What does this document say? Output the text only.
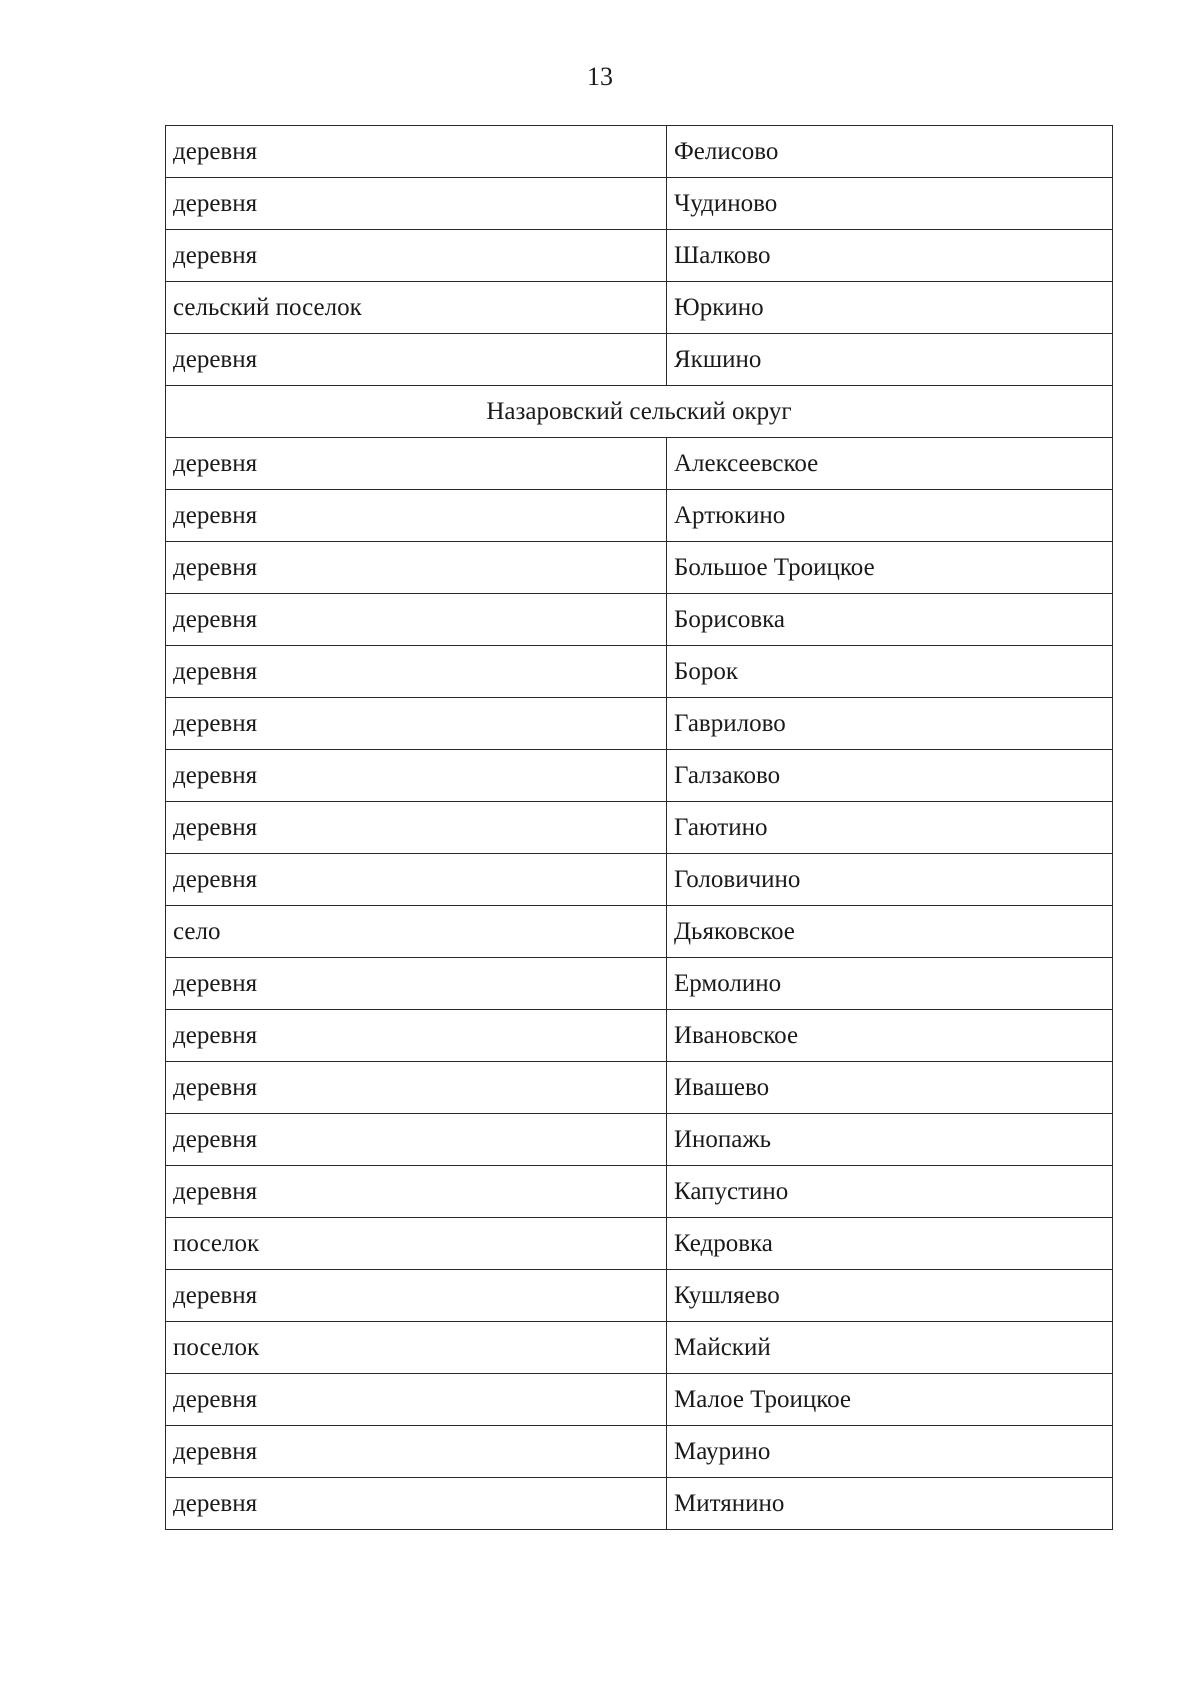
13
деревня	Фелисово
деревня	Чудиново
деревня	Шалково
сельский поселок	Юркино
деревня	Якшино
Назаровский сельский округ	
деревня	Алексеевское
деревня	Артюкино
деревня	Большое Троицкое
деревня	Борисовка
деревня	Борок
деревня	Гаврилово
деревня	Галзаково
деревня	Гаютино
деревня	Головичино
село	Дьяковское
деревня	Ермолино
деревня	Ивановское
деревня	Ивашево
деревня	Инопажь
деревня	Капустино
поселок	Кедровка
деревня	Кушляево
поселок	Майский
деревня	Малое Троицкое
деревня	Маурино
деревня	Митянино
